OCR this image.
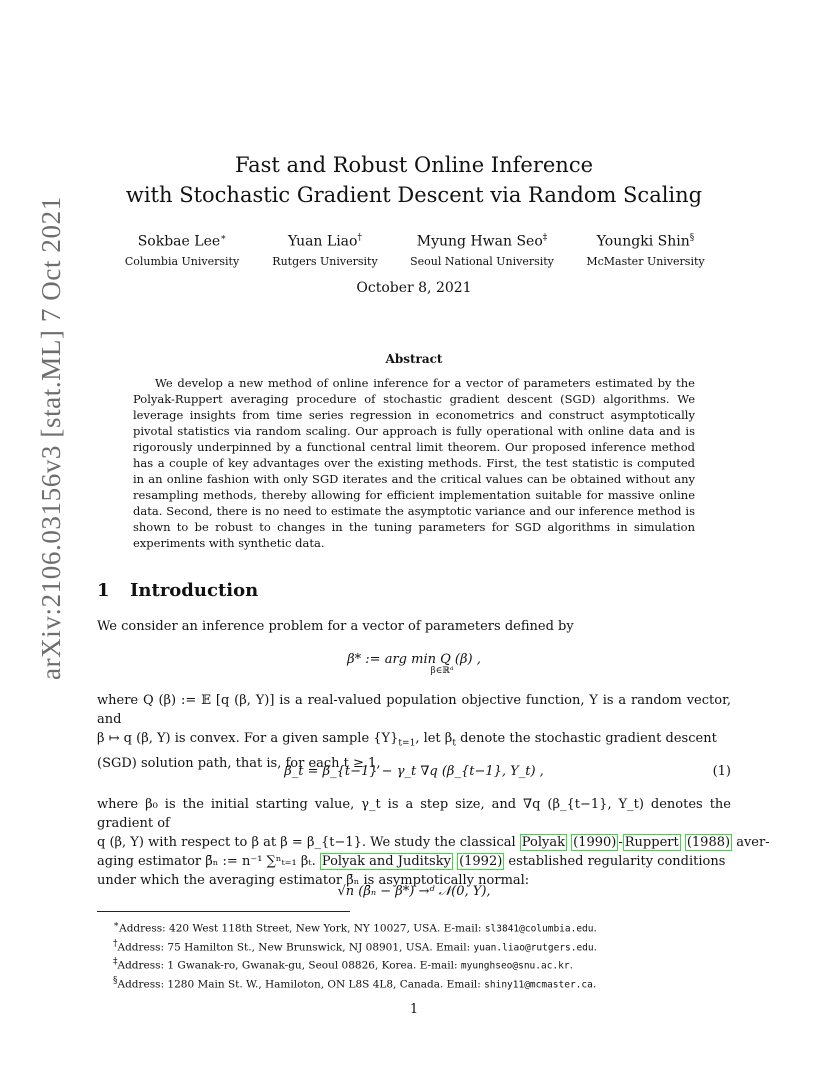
arXiv:2106.03156v3 [stat.ML] 7 Oct 2021
Fast and Robust Online Inference
with Stochastic Gradient Descent via Random Scaling
Sokbae Lee∗
Columbia University
Yuan Liao†
Rutgers University
Myung Hwan Seo‡
Seoul National University
Youngki Shin§
McMaster University
October 8, 2021
Abstract
We develop a new method of online inference for a vector of parameters estimated by the Polyak-Ruppert averaging procedure of stochastic gradient descent (SGD) algorithms. We leverage insights from time series regression in econometrics and construct asymptotically pivotal statistics via random scaling. Our approach is fully operational with online data and is rigorously underpinned by a functional central limit theorem. Our proposed inference method has a couple of key advantages over the existing methods. First, the test statistic is computed in an online fashion with only SGD iterates and the critical values can be obtained without any resampling methods, thereby allowing for efficient implementation suitable for massive online data. Second, there is no need to estimate the asymptotic variance and our inference method is shown to be robust to changes in the tuning parameters for SGD algorithms in simulation experiments with synthetic data.
1 Introduction
We consider an inference problem for a vector of parameters defined by
β* := arg min Q (β) ,
β∈ℝᵈ
where Q (β) := 𝔼 [q (β, Y)] is a real-valued population objective function, Y is a random vector, and
β ↦ q (β, Y) is convex. For a given sample $\{Y\}_{t=1}$, let $\beta_t$ denote the stochastic gradient descent
(SGD) solution path, that is, for each t ≥ 1,
β_t = β_{t−1} − γ_t ∇q (β_{t−1}, Y_t) ,	(1)
where β₀ is the initial starting value, γ_t is a step size, and ∇q (β_{t−1}, Y_t) denotes the gradient of
q (β, Y) with respect to β at β = β_{t−1}. We study the classical Polyak (1990) - Ruppert (1988) aver-
aging estimator β̄ₙ := n⁻¹ ∑ⁿₜ₌₁ βₜ. Polyak and Juditsky (1992) established regularity conditions
under which the averaging estimator β̄ₙ is asymptotically normal:
√n (β̄ₙ − β*) →ᵈ 𝒩(0, Υ),
∗Address: 420 West 118th Street, New York, NY 10027, USA. E-mail: sl3841@columbia.edu.
†Address: 75 Hamilton St., New Brunswick, NJ 08901, USA. Email: yuan.liao@rutgers.edu.
‡Address: 1 Gwanak-ro, Gwanak-gu, Seoul 08826, Korea. E-mail: myunghseo@snu.ac.kr.
§Address: 1280 Main St. W., Hamiloton, ON L8S 4L8, Canada. Email: shiny11@mcmaster.ca.
1
